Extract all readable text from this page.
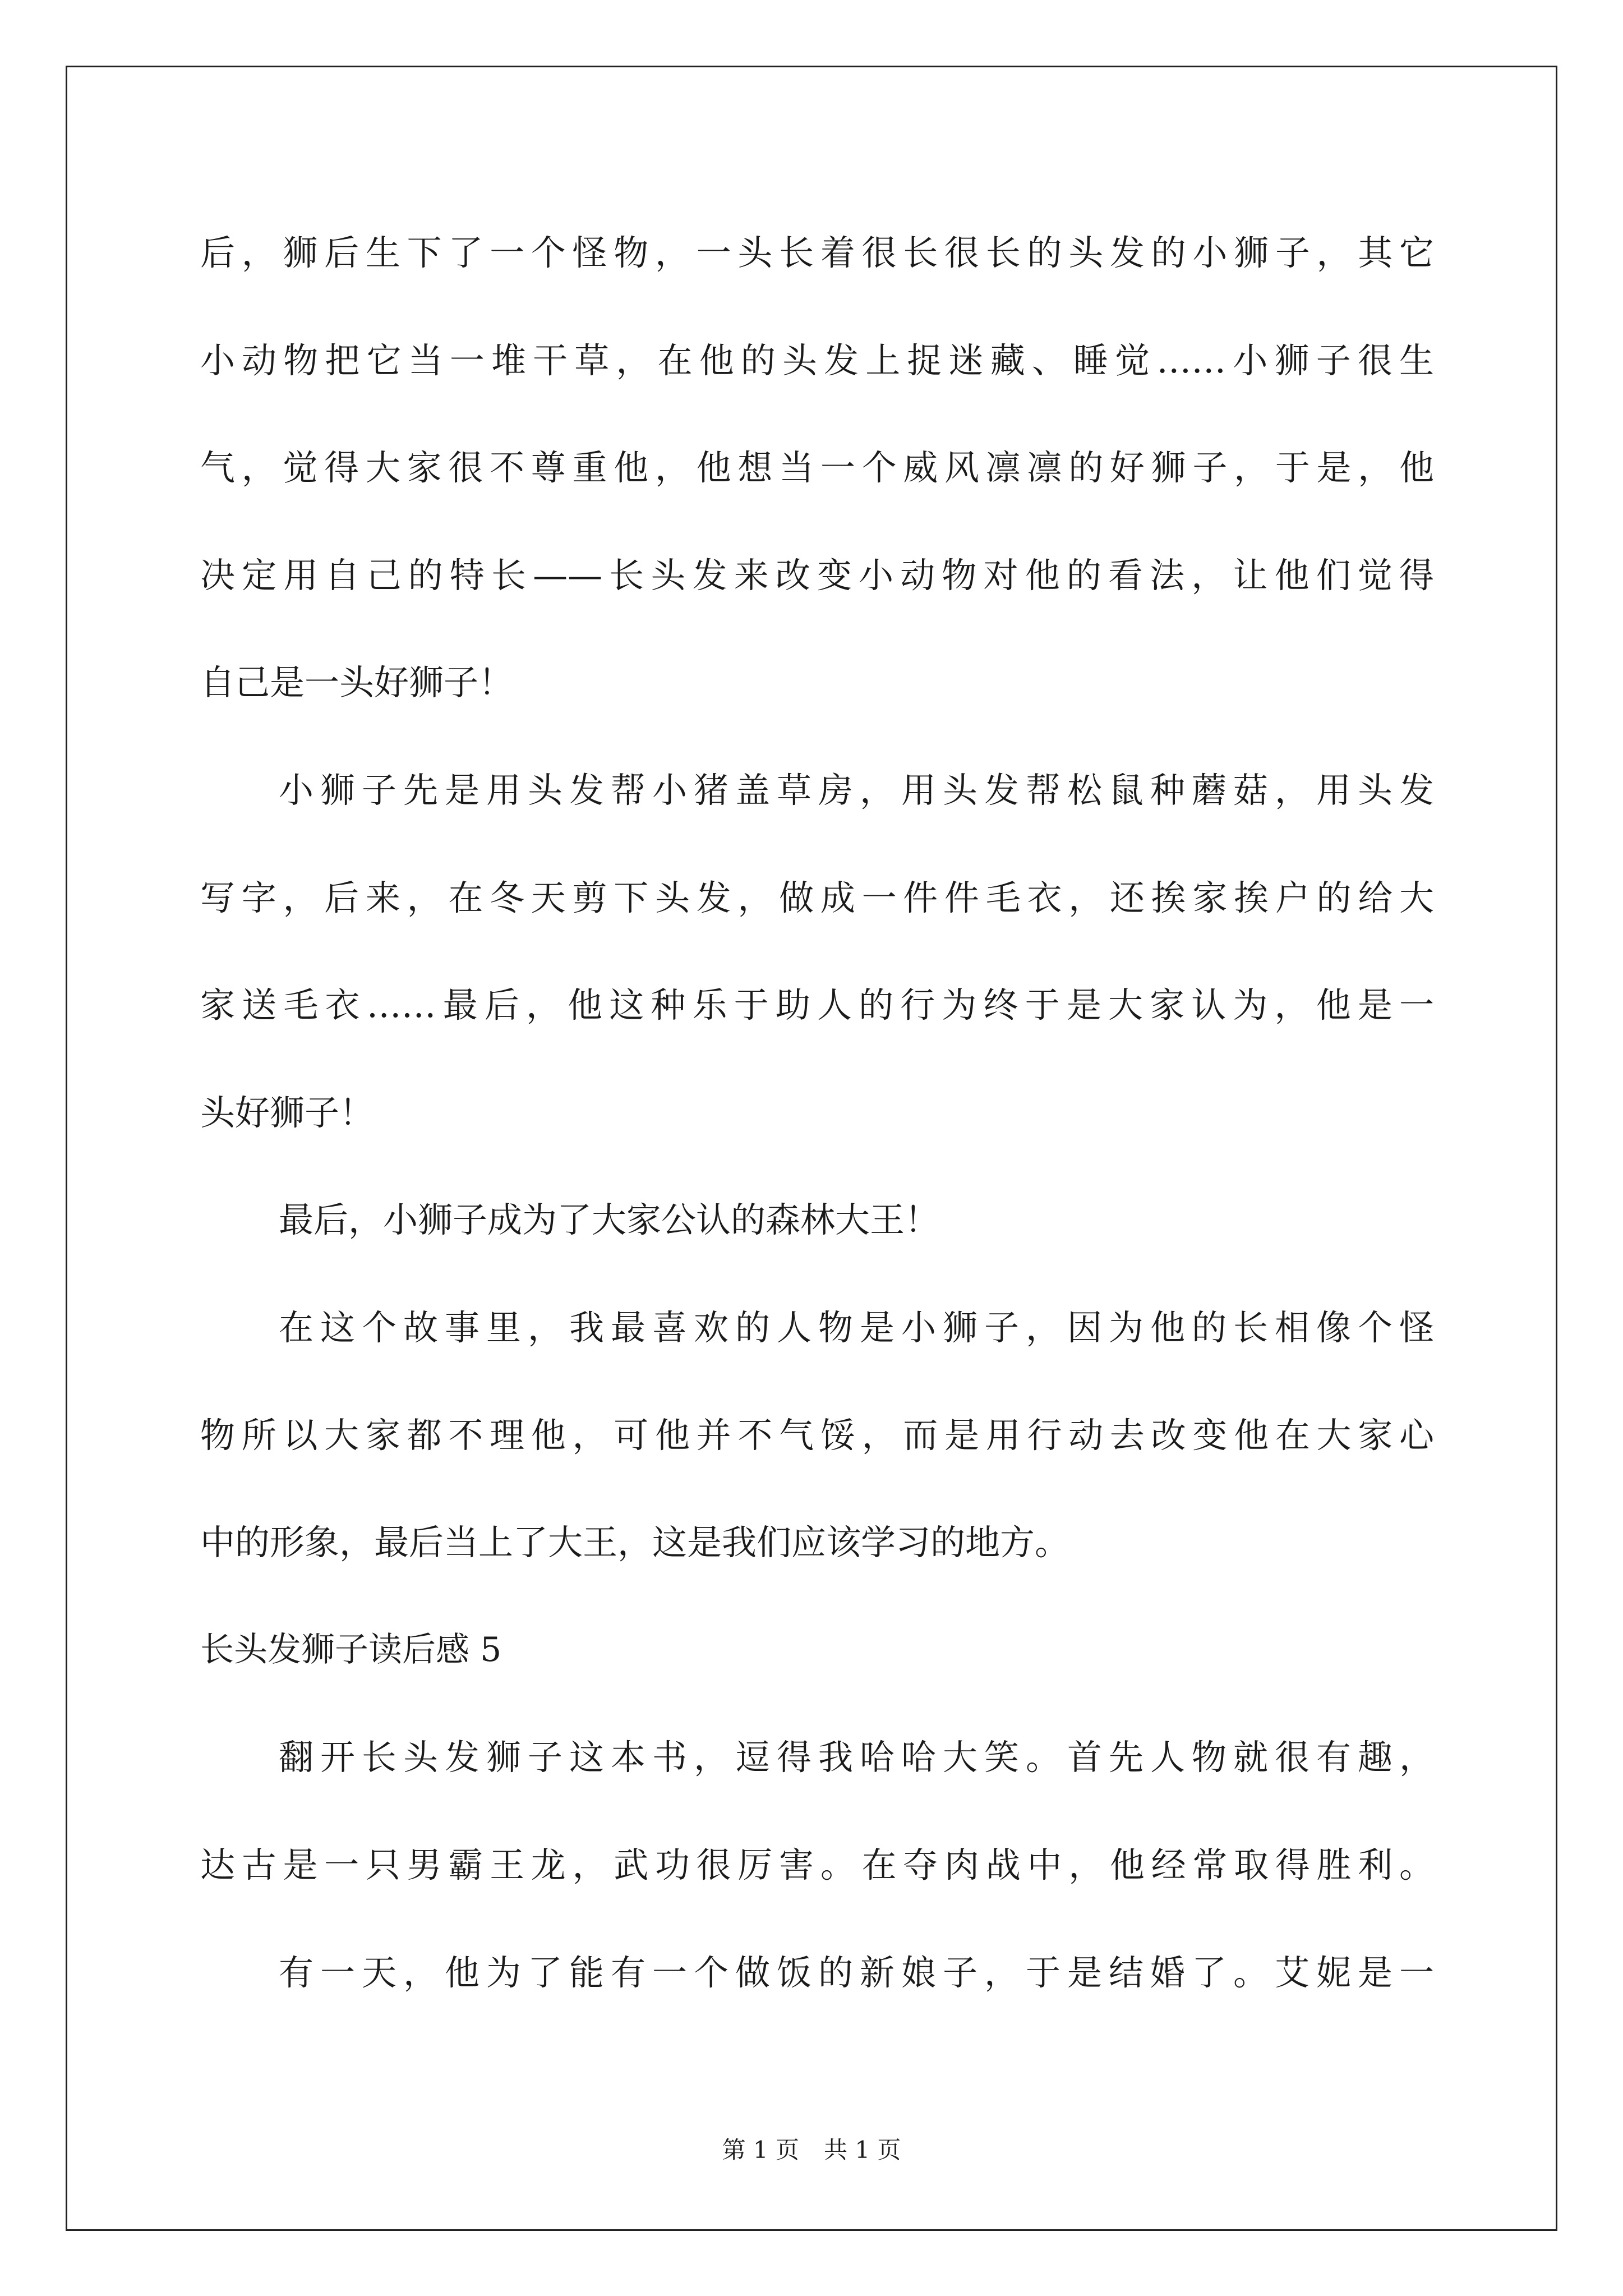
后，狮后生下了一个怪物，一头长着很长很长的头发的小狮子，其它
小动物把它当一堆干草，在他的头发上捉迷藏、睡觉……小狮子很生
气，觉得大家很不尊重他，他想当一个威风凛凛的好狮子，于是，他
决定用自己的特长——长头发来改变小动物对他的看法，让他们觉得
自己是一头好狮子！
小狮子先是用头发帮小猪盖草房，用头发帮松鼠种蘑菇，用头发
写字，后来，在冬天剪下头发，做成一件件毛衣，还挨家挨户的给大
家送毛衣……最后，他这种乐于助人的行为终于是大家认为，他是一
头好狮子！
最后，小狮子成为了大家公认的森林大王！
在这个故事里，我最喜欢的人物是小狮子，因为他的长相像个怪
物所以大家都不理他，可他并不气馁，而是用行动去改变他在大家心
中的形象，最后当上了大王，这是我们应该学习的地方。
长头发狮子读后感 5
翻开长头发狮子这本书，逗得我哈哈大笑。首先人物就很有趣，
达古是一只男霸王龙，武功很厉害。在夺肉战中，他经常取得胜利。
有一天，他为了能有一个做饭的新娘子，于是结婚了。艾妮是一
第 1 页 共 1 页
